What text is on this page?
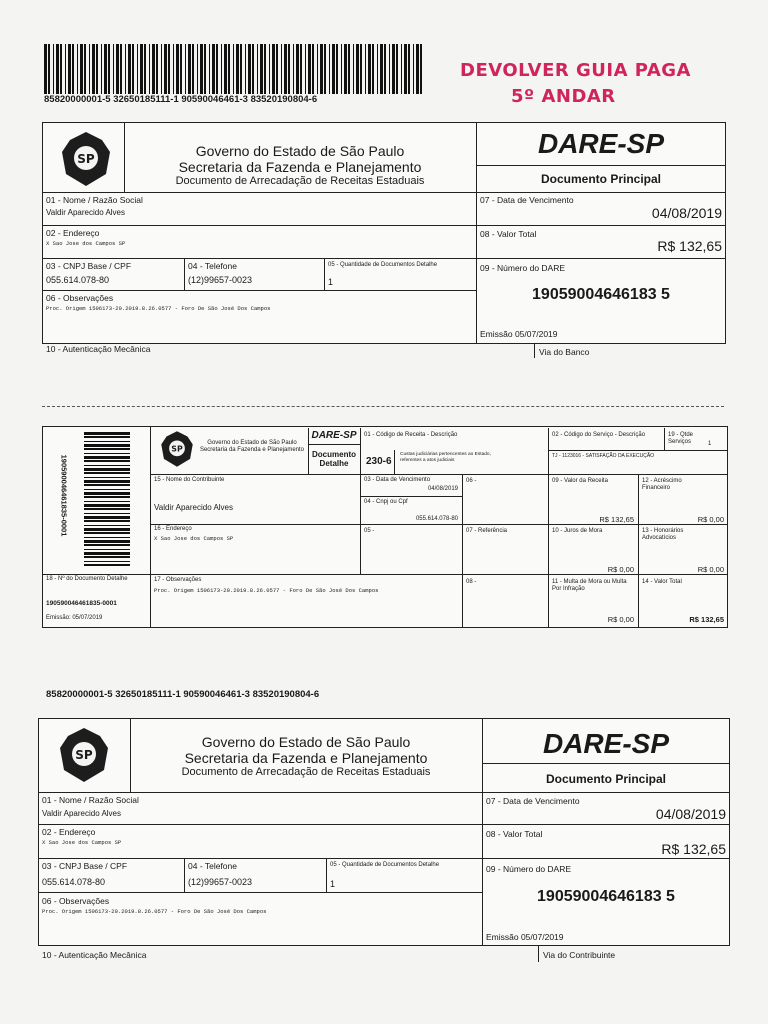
85820000001-5 32650185111-1 90590046461-3 83520190804-6
DEVOLVER GUIA PAGA
5º ANDAR
SP	Governo do Estado de São Paulo
Secretaria da Fazenda e Planejamento
Documento de Arrecadação de Receitas Estaduais
DARE-SP
Documento Principal
01 - Nome / Razão Social
Valdir Aparecido Alves
07 - Data de Vencimento
04/08/2019
02 - Endereço
X Sao Jose dos Campos SP
08 - Valor Total
R$ 132,65
03 - CNPJ Base / CPF
055.614.078-80
04 - Telefone
(12)99657-0023
05 - Quantidade de Documentos Detalhe
1
09 - Número do DARE
19059004646183 5
Emissão 05/07/2019
06 - Observações
Proc. Origem 1506173-20.2019.8.26.0577 - Foro De São José Dos Campos
10 - Autenticação Mecânica	Via do Banco
190590046461835-0001
SP
Governo do Estado de São Paulo
Secretaria da Fazenda e Planejamento
DARE-SP
Documento Detalhe
01 - Código de Receita - Descrição
230-6
Custas judiciárias pertencentes ao Estado, referentes a atos judiciais
02 - Código do Serviço - Descrição	19 - Qtde Serviços	1
TJ - 1123016 - SATISFAÇÃO DA EXECUÇÃO
15 - Nome do Contribuinte
Valdir Aparecido Alves
03 - Data de Vencimento
04/08/2019
04 - Cnpj ou Cpf
055.614.078-80
06 -	09 - Valor da Receita
R$ 132,65
12 - Acréscimo Financeiro
R$ 0,00
16 - Endereço
X Sao Jose dos Campos SP
05 -	07 - Referência	10 - Juros de Mora
R$ 0,00
13 - Honorários Advocatícios
R$ 0,00
18 - Nº do Documento Detalhe
190590046461835-0001
Emissão: 05/07/2019
17 - Observações
Proc. Origem 1506173-20.2019.8.26.0577 - Foro De São José Dos Campos
08 -	11 - Multa de Mora ou Multa Por Infração
R$ 0,00
14 - Valor Total
R$ 132,65
85820000001-5 32650185111-1 90590046461-3 83520190804-6
SP
Governo do Estado de São Paulo
Secretaria da Fazenda e Planejamento
Documento de Arrecadação de Receitas Estaduais
DARE-SP
Documento Principal
01 - Nome / Razão Social
Valdir Aparecido Alves
07 - Data de Vencimento
04/08/2019
02 - Endereço
X Sao Jose dos Campos SP
08 - Valor Total
R$ 132,65
03 - CNPJ Base / CPF
055.614.078-80
04 - Telefone
(12)99657-0023
05 - Quantidade de Documentos Detalhe
1
09 - Número do DARE
19059004646183 5
Emissão 05/07/2019
06 - Observações
Proc. Origem 1506173-20.2019.8.26.0577 - Foro De São José Dos Campos
10 - Autenticação Mecânica	Via do Contribuinte
